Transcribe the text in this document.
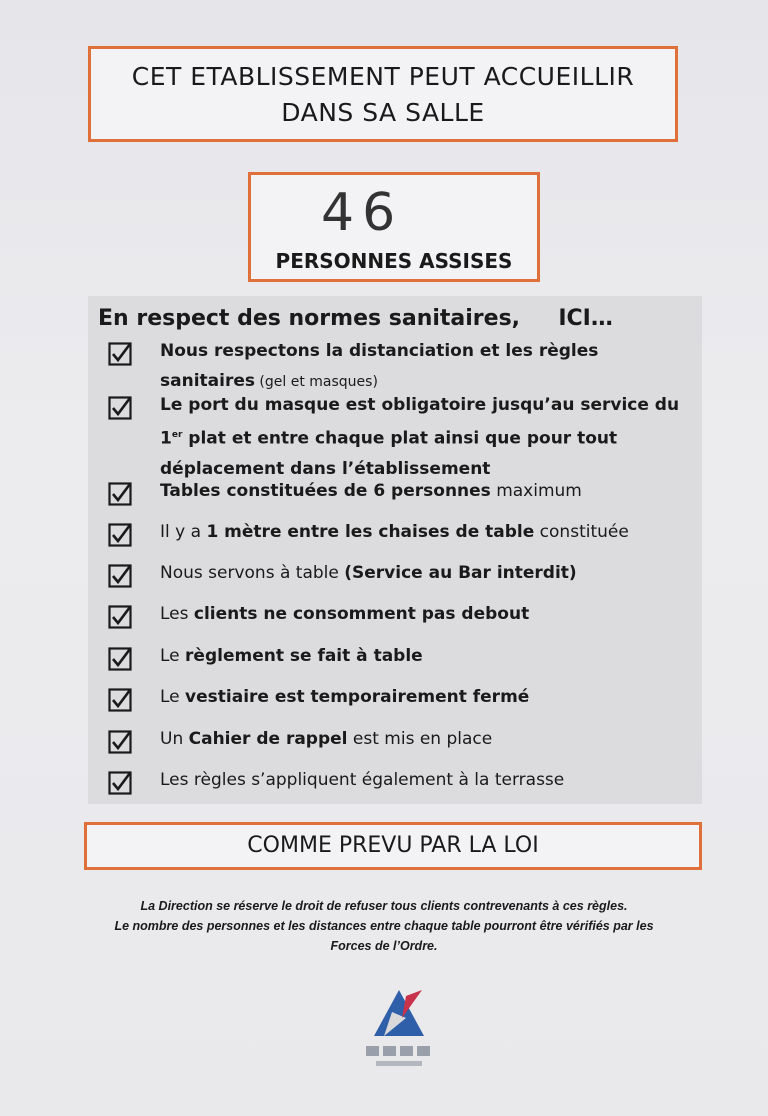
CET ETABLISSEMENT PEUT ACCUEILLIR
DANS SA SALLE
46
PERSONNES ASSISES
En respect des normes sanitaires,     ICI…
Nous respectons la distanciation et les règles
sanitaires (gel et masques)
Le port du masque est obligatoire jusqu’au service du
1er plat et entre chaque plat ainsi que pour tout
déplacement dans l’établissement
Tables constituées de 6 personnes maximum
Il y a 1 mètre entre les chaises de table constituée
Nous servons à table (Service au Bar interdit)
Les clients ne consomment pas debout
Le règlement se fait à table
Le vestiaire est temporairement fermé
Un Cahier de rappel est mis en place
Les règles s’appliquent également à la terrasse
COMME PREVU PAR LA LOI
La Direction se réserve le droit de refuser tous clients contrevenants à ces règles.
Le nombre des personnes et les distances entre chaque table pourront être vérifiés par les
Forces de l’Ordre.
